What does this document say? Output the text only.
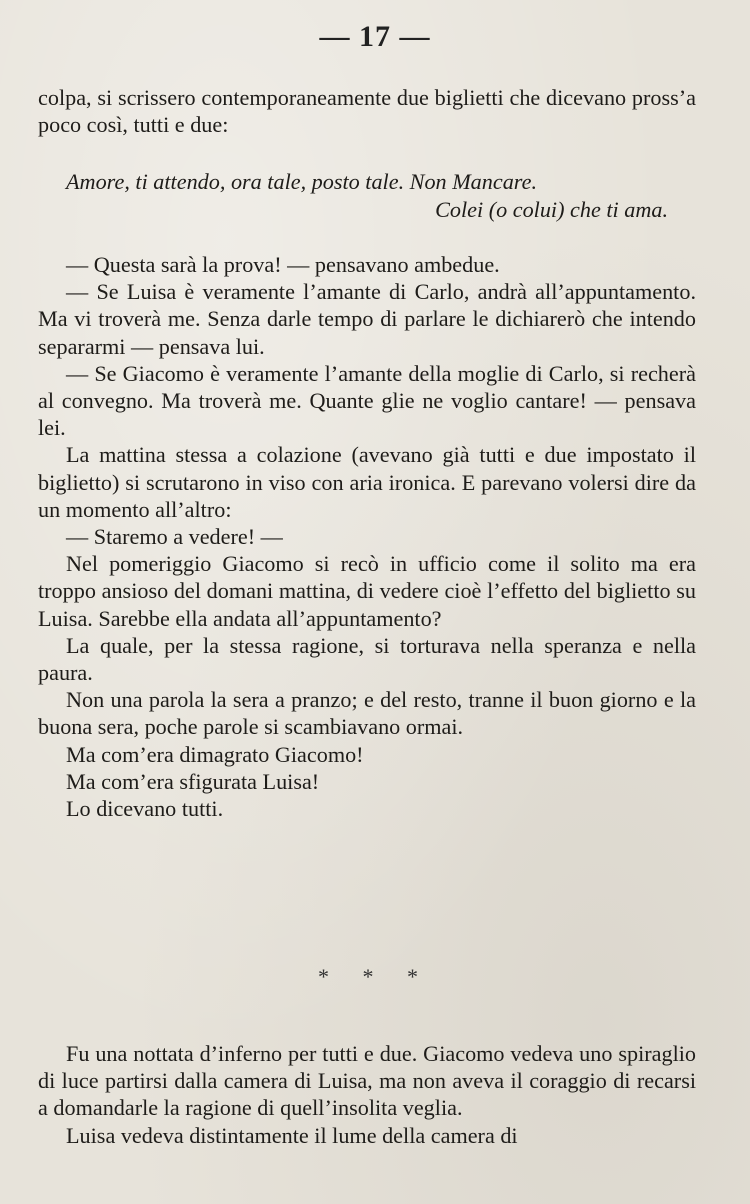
— 17 —

colpa, si scrissero contemporaneamente due biglietti che dicevano pross’a poco così, tutti e due:

Amore, ti attendo, ora tale, posto tale. Non Mancare.
Colei (o colui) che ti ama.

— Questa sarà la prova! — pensavano ambedue.

— Se Luisa è veramente l’amante di Carlo, andrà all’appuntamento. Ma vi troverà me. Senza darle tempo di parlare le dichiarerò che intendo separarmi — pensava lui.

— Se Giacomo è veramente l’amante della moglie di Carlo, si recherà al convegno. Ma troverà me. Quante glie ne voglio cantare! — pensava lei.

La mattina stessa a colazione (avevano già tutti e due impostato il biglietto) si scrutarono in viso con aria ironica. E parevano volersi dire da un momento all’altro:

— Staremo a vedere! —

Nel pomeriggio Giacomo si recò in ufficio come il solito ma era troppo ansioso del domani mattina, di vedere cioè l’effetto del biglietto su Luisa. Sarebbe ella andata all’appuntamento?

La quale, per la stessa ragione, si torturava nella speranza e nella paura.

Non una parola la sera a pranzo; e del resto, tranne il buon giorno e la buona sera, poche parole si scambiavano ormai.

Ma com’era dimagrato Giacomo!

Ma com’era sfigurata Luisa!

Lo dicevano tutti.

* * *

Fu una nottata d’inferno per tutti e due. Giacomo vedeva uno spiraglio di luce partirsi dalla camera di Luisa, ma non aveva il coraggio di recarsi a domandarle la ragione di quell’insolita veglia.

Luisa vedeva distintamente il lume della camera di
